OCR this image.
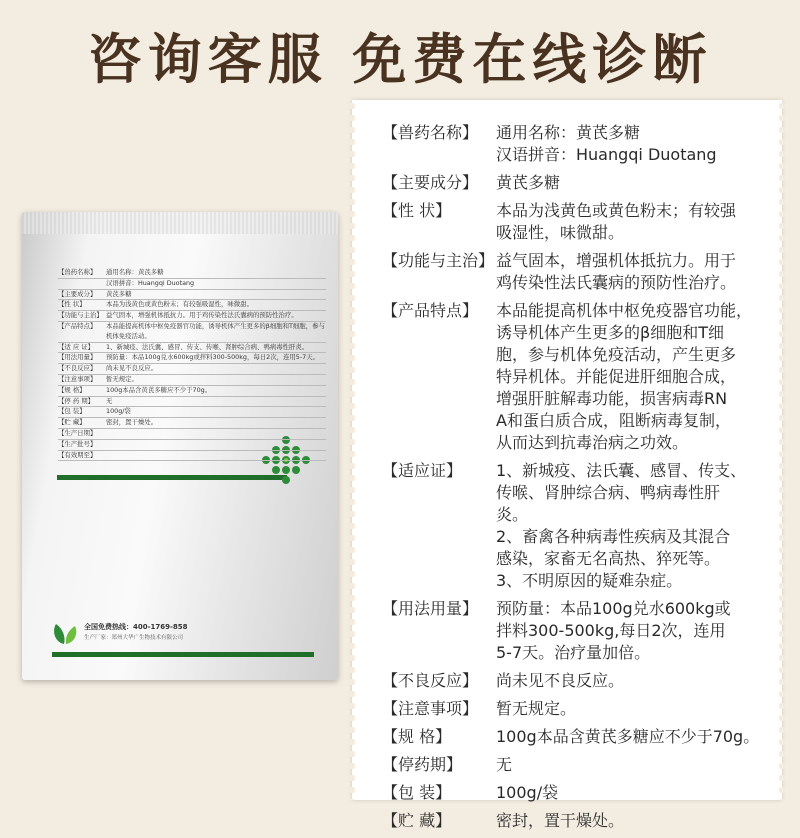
咨询客服 免费在线诊断
【兽药名称】	通用名称：黄芪多糖
汉语拼音：Huangqi Duotang
【主要成分】	黄芪多糖
【性 状】	本品为浅黄色或黄色粉末；有较强吸湿性，味微甜。
【功能与主治】 益气固本，增强机体抵抗力。用于鸡传染性法氏囊病的预防性治疗。
【产品特点】	本品能提高机体中枢免疫器官功能，诱导机体产生更多的β细胞和T细胞，参与机体免疫活动。
【适 应 证】	1、新城疫、法氏囊、感冒、传支、传喉、肾肿综合病、鸭病毒性肝炎。
【用法用量】	预防量：本品100g兑水600kg或拌料300-500kg，每日2次，连用5-7天。
【不良反应】	尚未见不良反应。
【注意事项】	暂无规定。
【规 格】	100g本品含黄芪多糖应不少于70g。
【停 药 期】	无
【包 装】	100g/袋
【贮 藏】	密封，置干燥处。
【生产日期】
【生产批号】
【有效期至】
全国免费热线：400-1769-858
生产厂家：郑州大华广生物技术有限公司
【兽药名称】	通用名称：黄芪多糖
汉语拼音：Huangqi Duotang
【主要成分】	黄芪多糖
【性 状】	本品为浅黄色或黄色粉末；有较强
吸湿性，味微甜。
【功能与主治】 益气固本，增强机体抵抗力。用于
鸡传染性法氏囊病的预防性治疗。
【产品特点】	本品能提高机体中枢免疫器官功能，
诱导机体产生更多的β细胞和T细
胞，参与机体免疫活动，产生更多
特异机体。并能促进肝细胞合成，
增强肝脏解毒功能，损害病毒RN
A和蛋白质合成，阻断病毒复制，
从而达到抗毒治病之功效。
【适应证】	1、新城疫、法氏囊、感冒、传支、
传喉、肾肿综合病、鸭病毒性肝
炎。
2、畜禽各种病毒性疾病及其混合
感染，家畜无名高热、猝死等。
3、不明原因的疑难杂症。
【用法用量】	预防量：本品100g兑水600kg或
拌料300-500kg,每日2次，连用
5-7天。治疗量加倍。
【不良反应】	尚未见不良反应。
【注意事项】	暂无规定。
【规 格】	100g本品含黄芪多糖应不少于70g。
【停药期】	无
【包 装】	100g/袋
【贮 藏】	密封，置干燥处。
